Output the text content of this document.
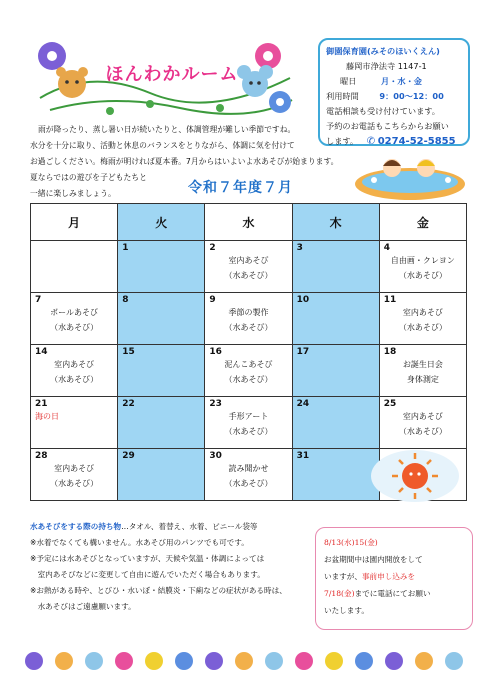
ほんわかルーム
御園保育園(みそのほいくえん)
藤岡市浄法寺 1147-1
曜日	月・水・金
利用時間	9：00～12：00
電話相談も受け付けています。
予約のお電話もこちらからお願い
します。 ✆ 0274-52-5855

雨が降ったり、蒸し暑い日が続いたりと、体調管理が難しい季節ですね。

水分を十分に取り、活動と休息のバランスをとりながら、体調に気を付けて

お過ごしください。梅雨が明ければ夏本番。7月からはいよいよ水あそびが始まります。

夏ならではの遊びを子どもたちと

一緒に楽しみましょう。	令和７年度７月
月	火	水	木	金

	1	2
室内あそび
（水あそび）	3	4
自由画・クレヨン
（水あそび）

7
ボールあそび
（水あそび）	8	9
季節の製作
（水あそび）	10	11
室内あそび
（水あそび）

14
室内あそび
（水あそび）	15	16
泥んこあそび
（水あそび）	17	18
お誕生日会
身体測定

21
海の日	22	23
手形アート
（水あそび）	24	25
室内あそび
（水あそび）

28
室内あそび
（水あそび）	29	30
読み聞かせ
（水あそび）	31	

水あそびをする際の持ち物…タオル、着替え、水着、ビニール袋等

※水着でなくても構いません。水あそび用のパンツでも可です。

※予定には水あそびとなっていますが、天候や気温・体調によっては

　室内あそびなどに変更して自由に遊んでいただく場合もあります。

※お熱がある時や、とびひ・水いぼ・結膜炎・下痢などの症状がある時は、

　水あそびはご遠慮願います。

8/13(水)15(金)
お盆期間中は園内開放をして
いますが、事前申し込みを
7/18(金)までに電話にてお願い
いたします。
